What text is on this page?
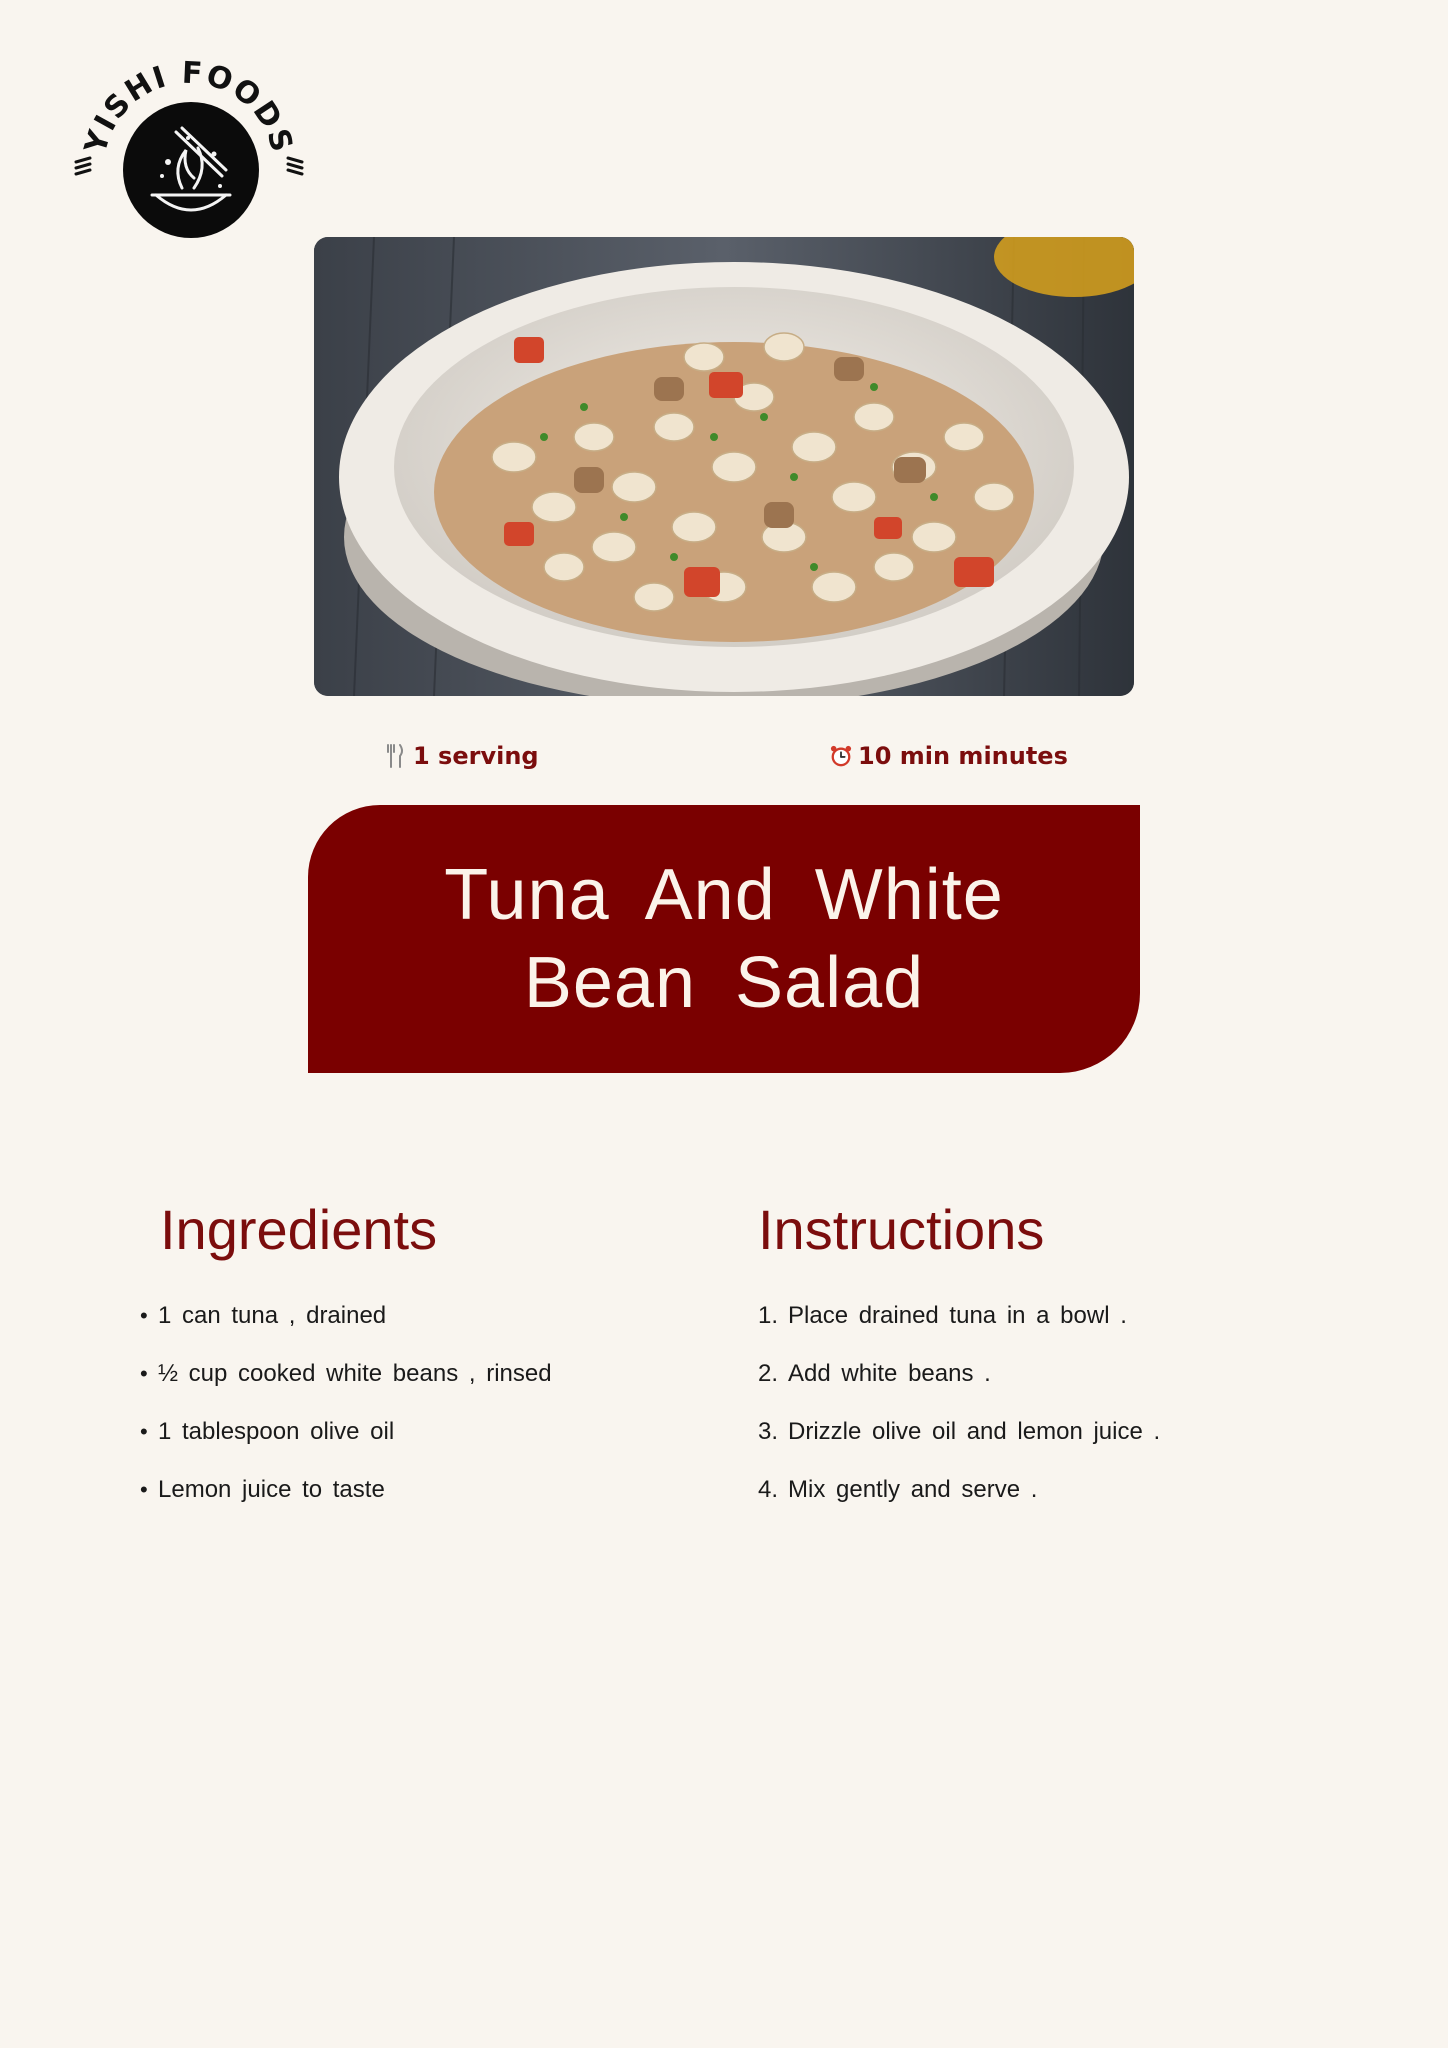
YISHI FOODS
1 serving	10 min minutes
Tuna And White Bean Salad
Ingredients
• 1 can tuna , drained
• ½ cup cooked white beans , rinsed
• 1 tablespoon olive oil
• Lemon juice to taste
Instructions
1. Place drained tuna in a bowl .
2. Add white beans .
3. Drizzle olive oil and lemon juice .
4. Mix gently and serve .
